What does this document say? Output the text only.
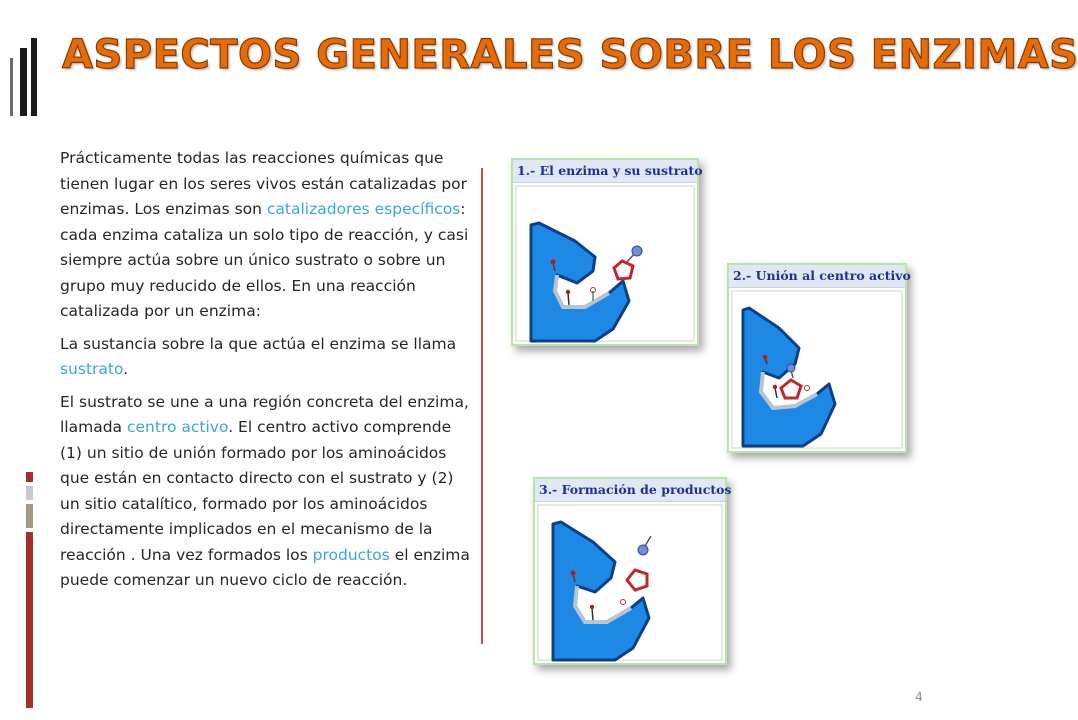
ASPECTOS GENERALES SOBRE LOS ENZIMAS

Prácticamente todas las reacciones químicas que tienen lugar en los seres vivos están catalizadas por enzimas. Los enzimas son catalizadores específicos: cada enzima cataliza un solo tipo de reacción, y casi siempre actúa sobre un único sustrato o sobre un grupo muy reducido de ellos. En una reacción catalizada por un enzima:

La sustancia sobre la que actúa el enzima se llama sustrato.

El sustrato se une a una región concreta del enzima, llamada centro activo. El centro activo comprende (1) un sitio de unión formado por los aminoácidos que están en contacto directo con el sustrato y (2) un sitio catalítico, formado por los aminoácidos directamente implicados en el mecanismo de la reacción . Una vez formados los productos el enzima puede comenzar un nuevo ciclo de reacción.

1.- El enzima y su sustrato
2.- Unión al centro activo
3.- Formación de productos
4
